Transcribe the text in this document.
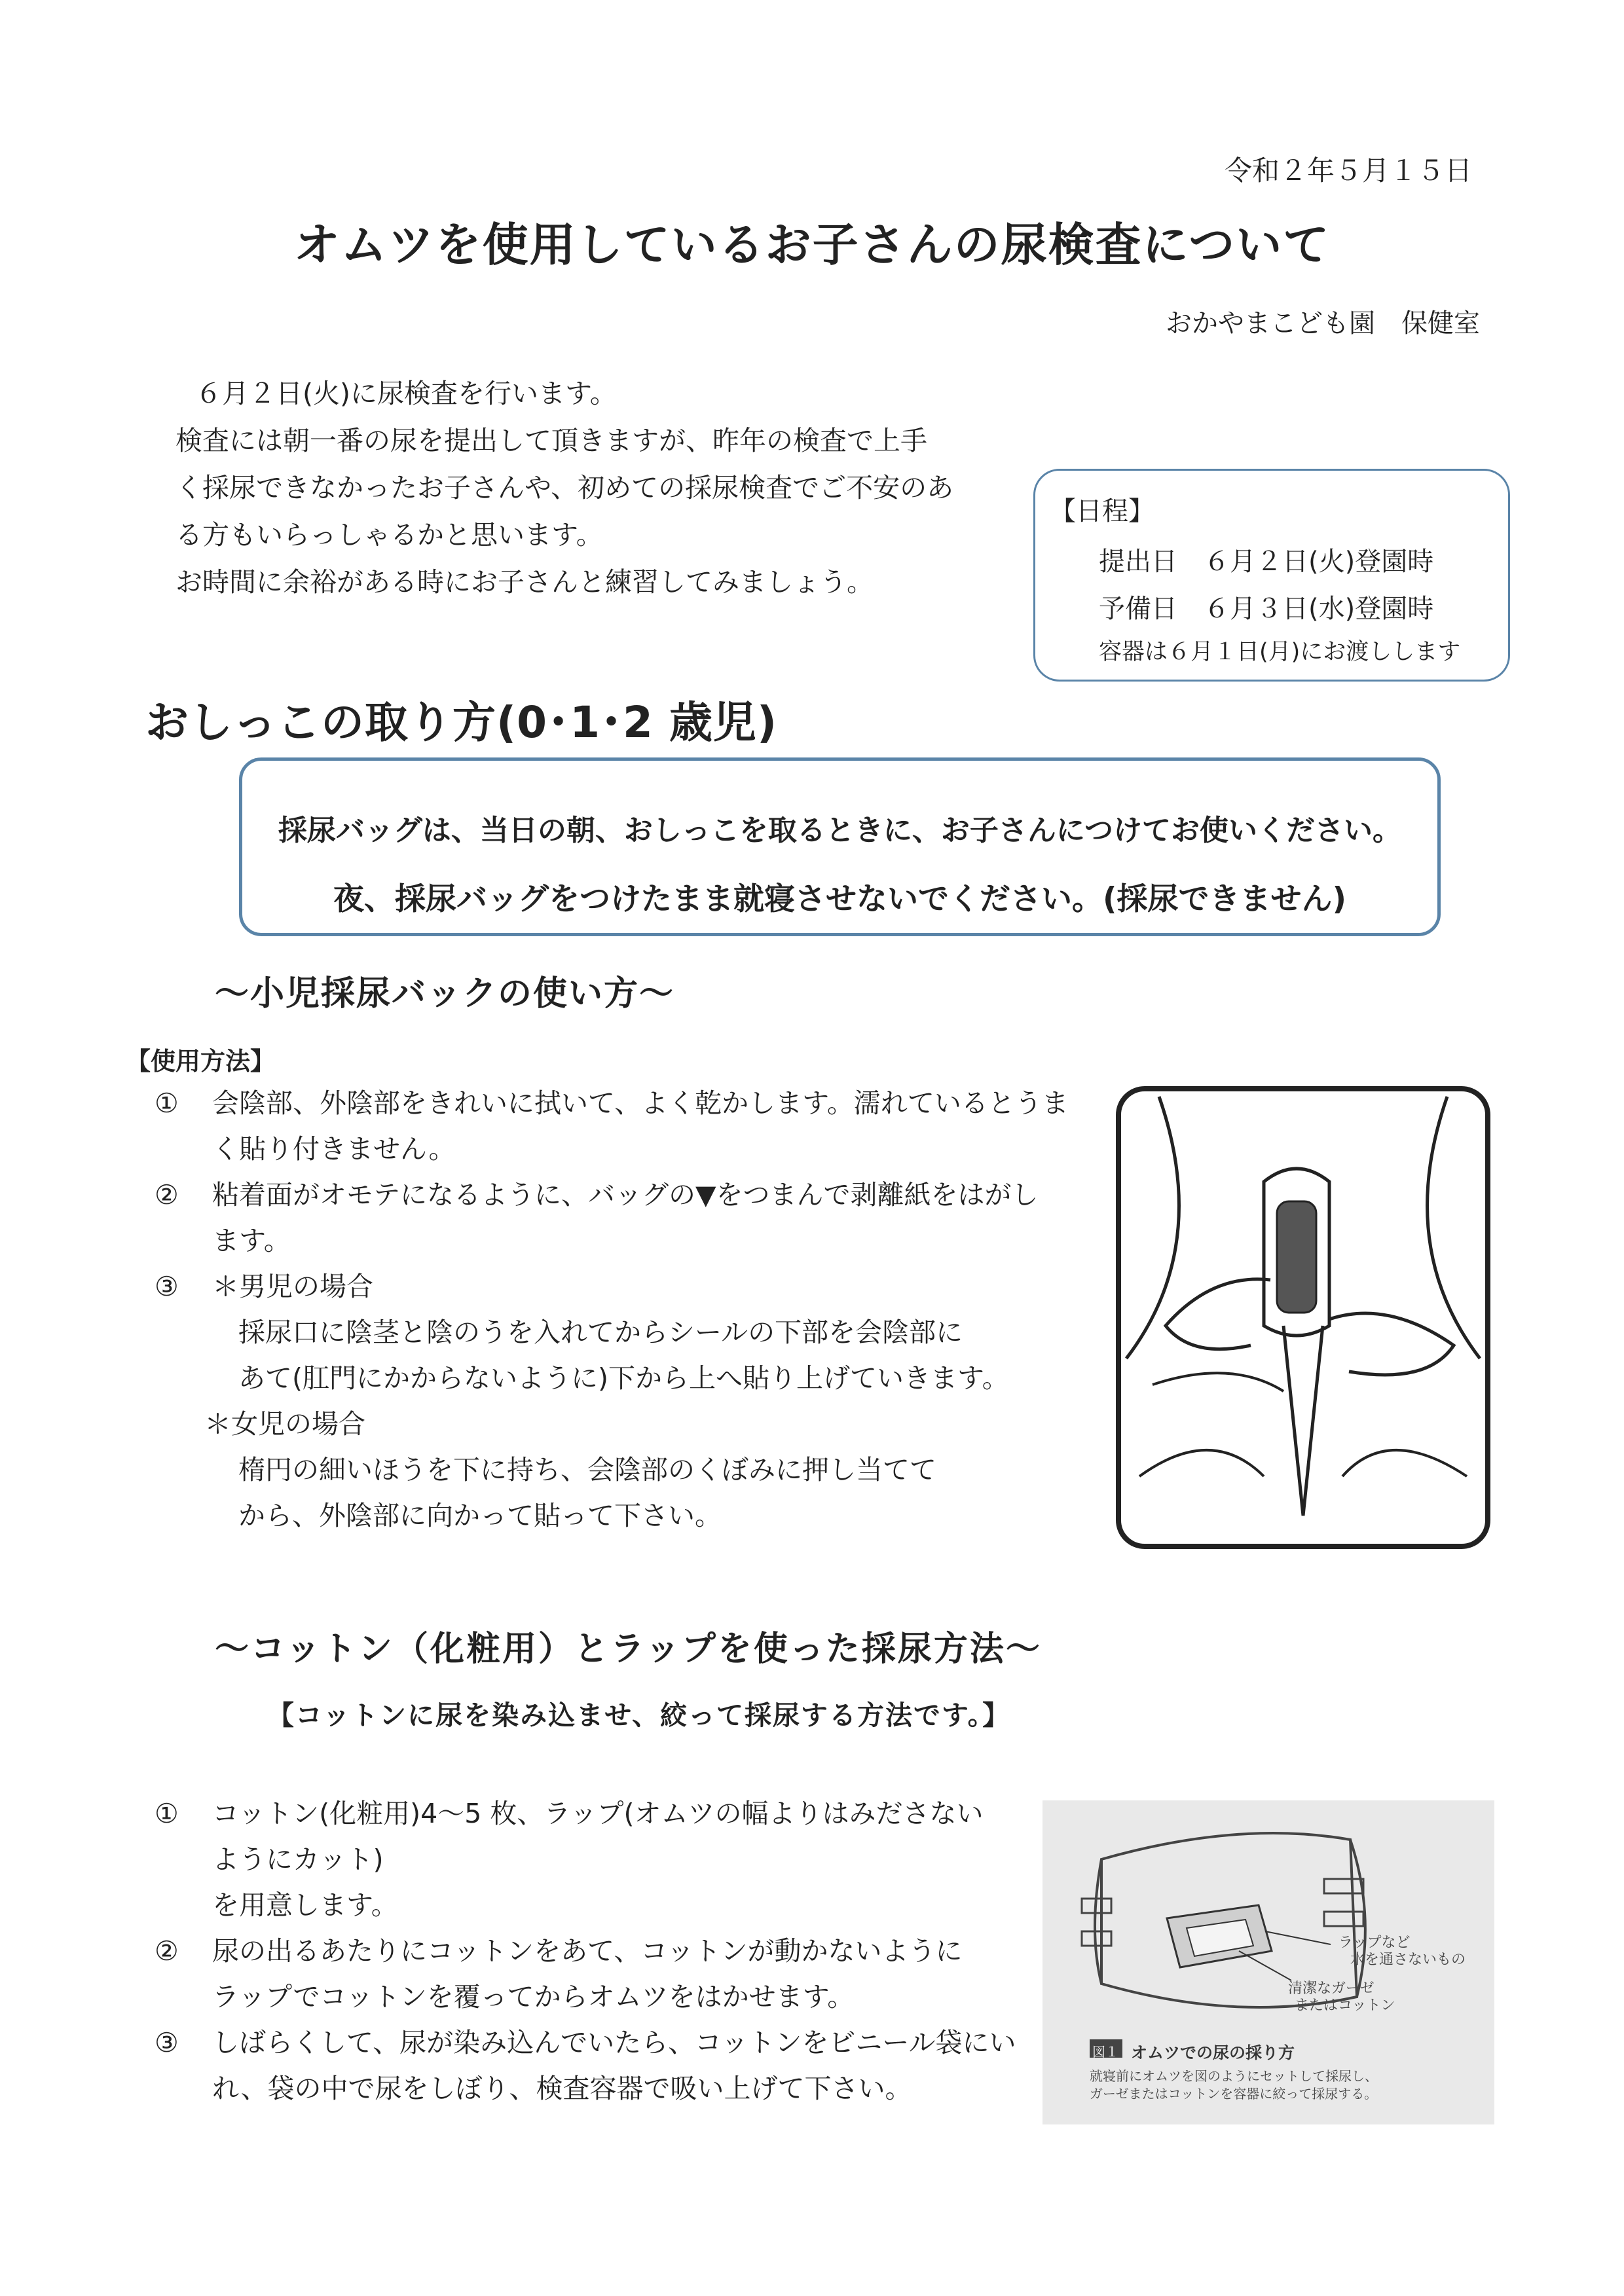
令和２年５月１５日
オムツを使用しているお子さんの尿検査について
おかやまこども園　保健室
６月２日(火)に尿検査を行います。
検査には朝一番の尿を提出して頂きますが、昨年の検査で上手
く採尿できなかったお子さんや、初めての採尿検査でご不安のあ
る方もいらっしゃるかと思います。
お時間に余裕がある時にお子さんと練習してみましょう。
【日程】
提出日 ６月２日(火)登園時
予備日 ６月３日(水)登園時
容器は６月１日(月)にお渡しします
おしっこの取り方(0･1･2 歳児)
採尿バッグは、当日の朝、おしっこを取るときに、お子さんにつけてお使いください。
夜、採尿バッグをつけたまま就寝させないでください。(採尿できません)
～小児採尿バックの使い方～
【使用方法】
①	会陰部、外陰部をきれいに拭いて、よく乾かします。濡れているとうま
く貼り付きません。
②	粘着面がオモテになるように、バッグの▼をつまんで剥離紙をはがし
ます。
③	＊男児の場合
採尿口に陰茎と陰のうを入れてからシールの下部を会陰部に
あて(肛門にかからないように)下から上へ貼り上げていきます。
＊女児の場合
楕円の細いほうを下に持ち、会陰部のくぼみに押し当てて
から、外陰部に向かって貼って下さい。
～コットン（化粧用）とラップを使った採尿方法～
【コットンに尿を染み込ませ、絞って採尿する方法です。】
①	コットン(化粧用)4～5 枚、ラップ(オムツの幅よりはみださない
ようにカット)
を用意します。
②	尿の出るあたりにコットンをあて、コットンが動かないように
ラップでコットンを覆ってからオムツをはかせます。
③	しばらくして、尿が染み込んでいたら、コットンをビニール袋にい
れ、袋の中で尿をしぼり、検査容器で吸い上げて下さい。
ラップなど
水を通さないもの
清潔なガーゼ
またはコットン
図１ オムツでの尿の採り方
就寝前にオムツを図のようにセットして採尿し、
ガーゼまたはコットンを容器に絞って採尿する。
